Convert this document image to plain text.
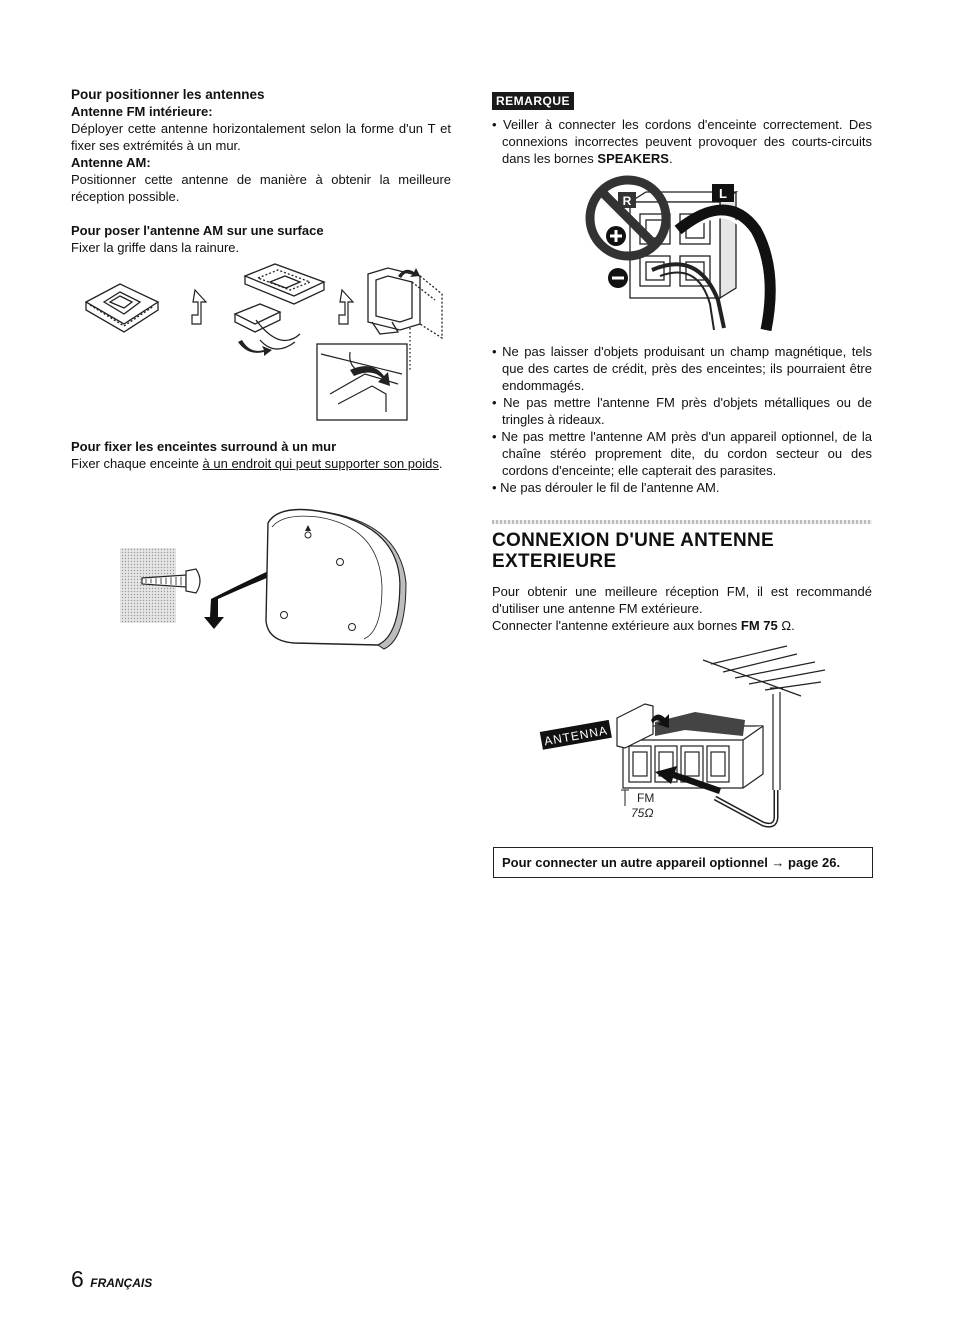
Pour positionner les antennes

Antenne FM intérieure:

Déployer cette antenne horizontalement selon la forme d'un T et fixer ses extrémités à un mur.

Antenne AM:

Positionner cette antenne de manière à obtenir la meilleure réception possible.

Pour poser l'antenne AM sur une surface

Fixer la griffe dans la rainure.

Pour fixer les enceintes surround à un mur

Fixer chaque enceinte à un endroit qui peut supporter son poids.

REMARQUE

• Veiller à connecter les cordons d'enceinte correctement. Des connexions incorrectes peuvent provoquer des courts-circuits dans les bornes SPEAKERS.

L
R

• Ne pas laisser d'objets produisant un champ magnétique, tels que des cartes de crédit, près des enceintes; ils pourraient être endommagés.

• Ne pas mettre l'antenne FM près d'objets métalliques ou de tringles à rideaux.

• Ne pas mettre l'antenne AM près d'un appareil optionnel, de la chaîne stéréo proprement dite, du cordon secteur ou des cordons d'enceinte; elle capterait des parasites.

• Ne pas dérouler le fil de l'antenne AM.

CONNEXION D'UNE ANTENNE
EXTERIEURE

Pour obtenir une meilleure réception FM, il est recommandé d'utiliser une antenne FM extérieure.

Connecter l'antenne extérieure aux bornes FM 75 Ω.

ANTENNA
FM
75Ω

Pour connecter un autre appareil optionnel → page 26.

6 FRANÇAIS
